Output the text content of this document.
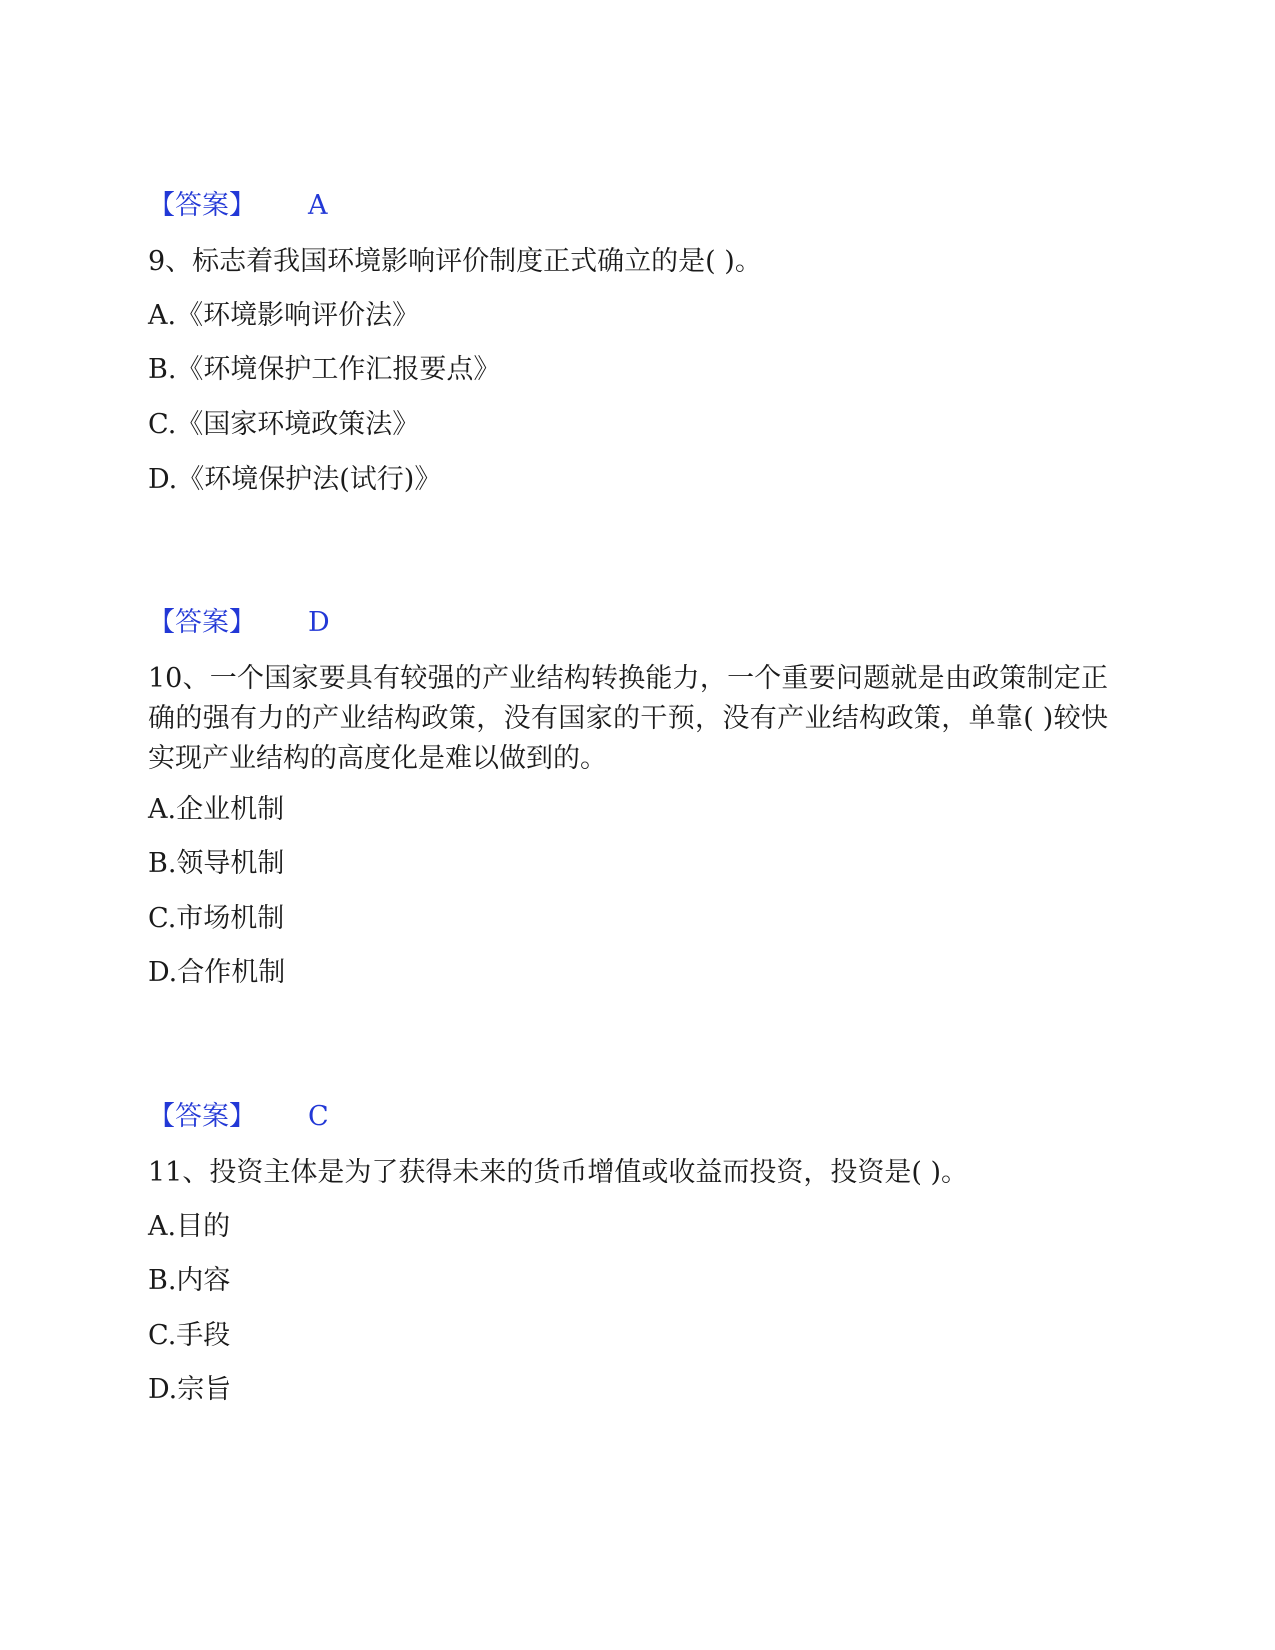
【答案】 A
9、标志着我国环境影响评价制度正式确立的是( )。
A.《环境影响评价法》
B.《环境保护工作汇报要点》
C.《国家环境政策法》
D.《环境保护法(试行)》
【答案】 D
10、一个国家要具有较强的产业结构转换能力，一个重要问题就是由政策制定正确的强有力的产业结构政策，没有国家的干预，没有产业结构政策，单靠( )较快实现产业结构的高度化是难以做到的。
A.企业机制
B.领导机制
C.市场机制
D.合作机制
【答案】 C
11、投资主体是为了获得未来的货币增值或收益而投资，投资是( )。
A.目的
B.内容
C.手段
D.宗旨
